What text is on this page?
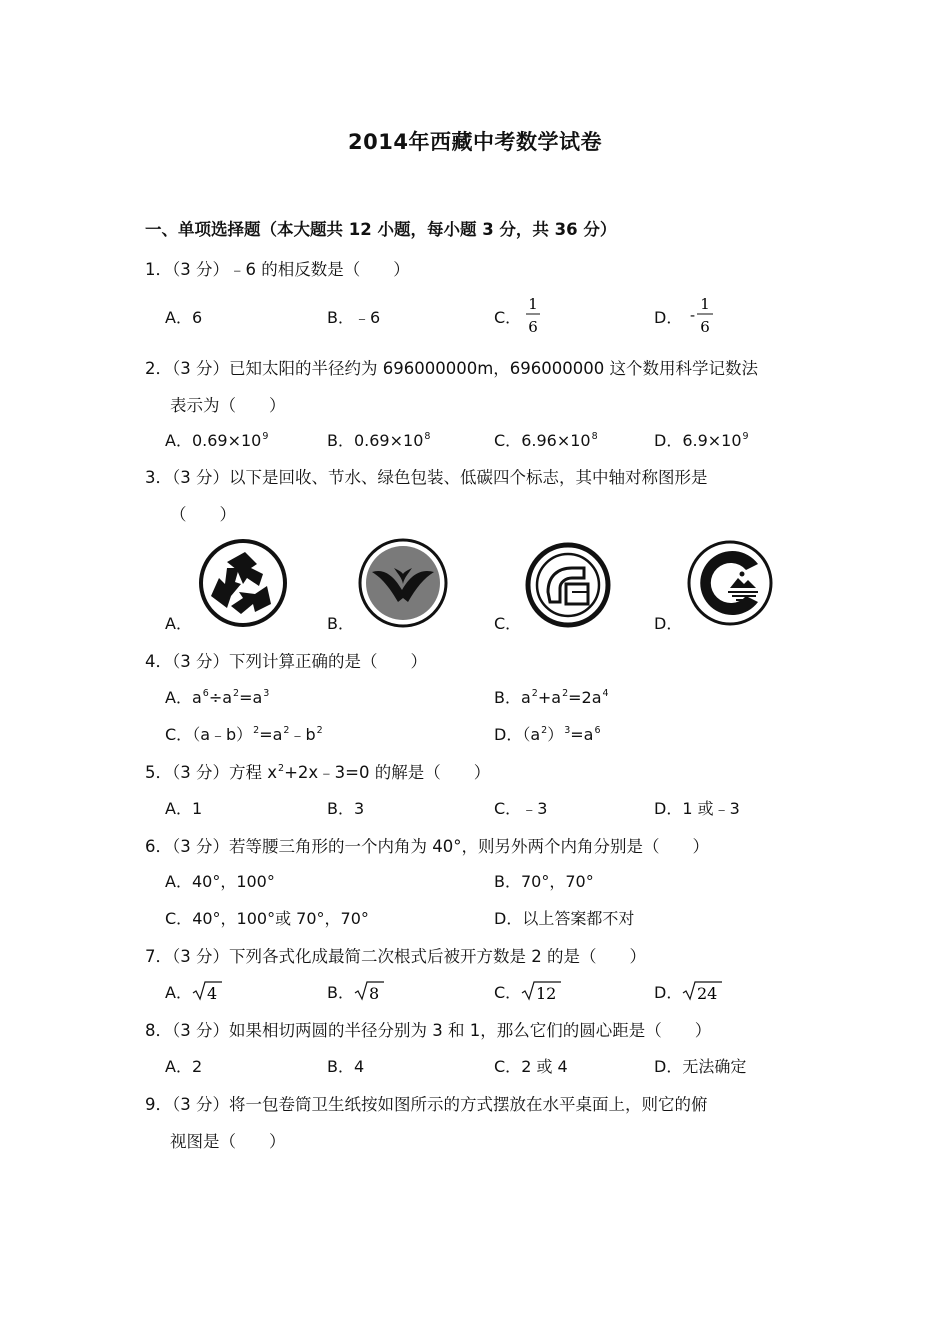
2014年西藏中考数学试卷
一、单项选择题（本大题共 12 小题，每小题 3 分，共 36 分）
1．（3 分）﹣6 的相反数是（　　）
A．6	B．﹣6	C．
1
6	D． -
1
6
2．（3 分）已知太阳的半径约为 696000000m，696000000 这个数用科学记数法
表示为（　　）
A．$0.69\times 10^9$	B．$0.69\times 10^8$	C．$6.96\times 10^8$	D．$6.9\times 10^9$
3．（3 分）以下是回收、节水、绿色包装、低碳四个标志，其中轴对称图形是
（　　）
A．	B．	C．	D．
4．（3 分）下列计算正确的是（　　）
A．$a^6\div a^2=a^3$	B．$a^2+a^2=2a^4$
C．$(a﹣b)^2=a^2﹣b^2$	D．$(a^2)^3=a^6$
5．（3 分）方程 $x^2+2x﹣3=0$ 的解是（　　）
A．1	B．3	C．﹣3	D．1 或﹣3
6．（3 分）若等腰三角形的一个内角为 40°，则另外两个内角分别是（　　）
A．40°，100°	B．70°，70°
C．40°，100°或 70°，70°	D．以上答案都不对
7．（3 分）下列各式化成最简二次根式后被开方数是 2 的是（　　）
A． 4	B． 8	C． 12	D． 24
8．（3 分）如果相切两圆的半径分别为 3 和 1，那么它们的圆心距是（　　）
A．2	B．4	C．2 或 4	D．无法确定
9．（3 分）将一包卷筒卫生纸按如图所示的方式摆放在水平桌面上，则它的俯
视图是（　　）
